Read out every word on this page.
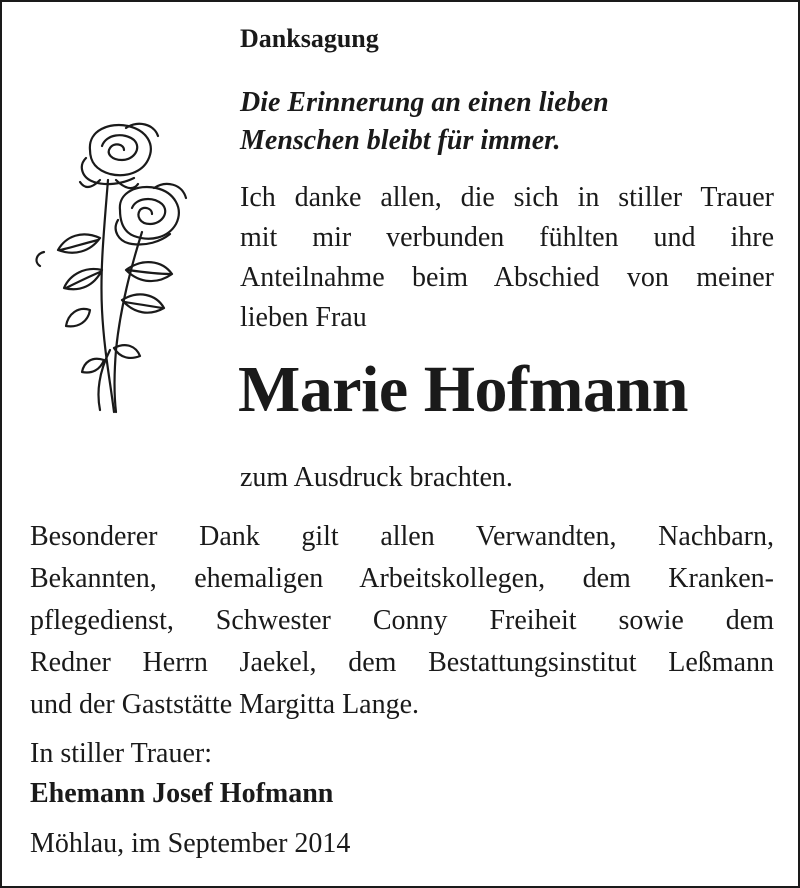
Danksagung

Die Erinnerung an einen lieben
Menschen bleibt für immer.

Ich danke allen, die sich in stiller Trauer
mit mir verbunden fühlten und ihre
Anteilnahme beim Abschied von meiner
lieben Frau

Marie Hofmann

zum Ausdruck brachten.

Besonderer Dank gilt allen Verwandten, Nachbarn,
Bekannten, ehemaligen Arbeitskollegen, dem Kranken-
pflegedienst, Schwester Conny Freiheit sowie dem
Redner Herrn Jaekel, dem Bestattungsinstitut Leßmann
und der Gaststätte Margitta Lange.

In stiller Trauer:
Ehemann Josef Hofmann

Möhlau, im September 2014
